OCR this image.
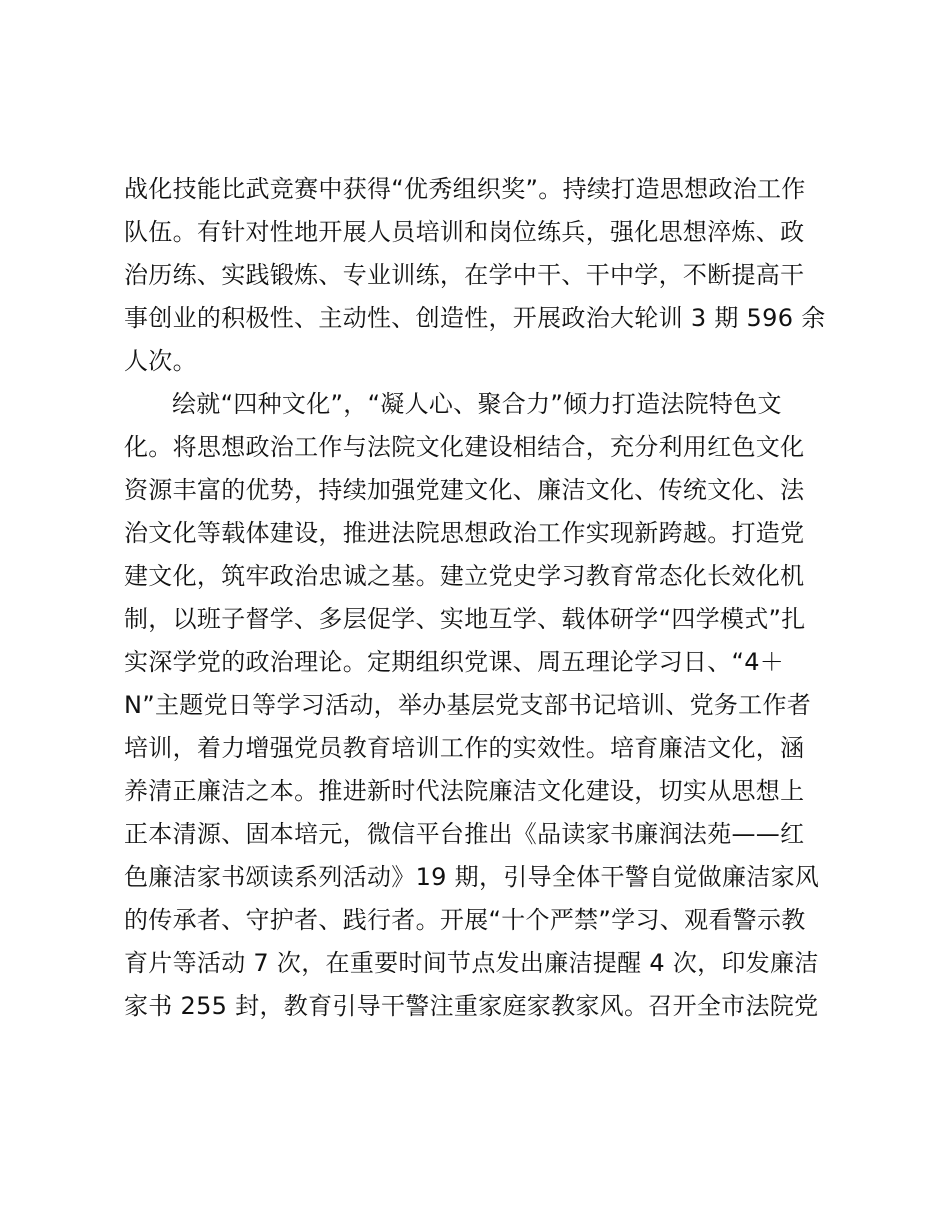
战化技能比武竞赛中获得“优秀组织奖”。持续打造思想政治工作
队伍。有针对性地开展人员培训和岗位练兵，强化思想淬炼、政
治历练、实践锻炼、专业训练，在学中干、干中学，不断提高干
事创业的积极性、主动性、创造性，开展政治大轮训 3 期 596 余
人次。
绘就“四种文化”，“凝人心、聚合力”倾力打造法院特色文
化。将思想政治工作与法院文化建设相结合，充分利用红色文化
资源丰富的优势，持续加强党建文化、廉洁文化、传统文化、法
治文化等载体建设，推进法院思想政治工作实现新跨越。打造党
建文化，筑牢政治忠诚之基。建立党史学习教育常态化长效化机
制，以班子督学、多层促学、实地互学、载体研学“四学模式”扎
实深学党的政治理论。定期组织党课、周五理论学习日、“4＋
N”主题党日等学习活动，举办基层党支部书记培训、党务工作者
培训，着力增强党员教育培训工作的实效性。培育廉洁文化，涵
养清正廉洁之本。推进新时代法院廉洁文化建设，切实从思想上
正本清源、固本培元，微信平台推出《品读家书廉润法苑——红
色廉洁家书颂读系列活动》19 期，引导全体干警自觉做廉洁家风
的传承者、守护者、践行者。开展“十个严禁”学习、观看警示教
育片等活动 7 次，在重要时间节点发出廉洁提醒 4 次，印发廉洁
家书 255 封，教育引导干警注重家庭家教家风。召开全市法院党
